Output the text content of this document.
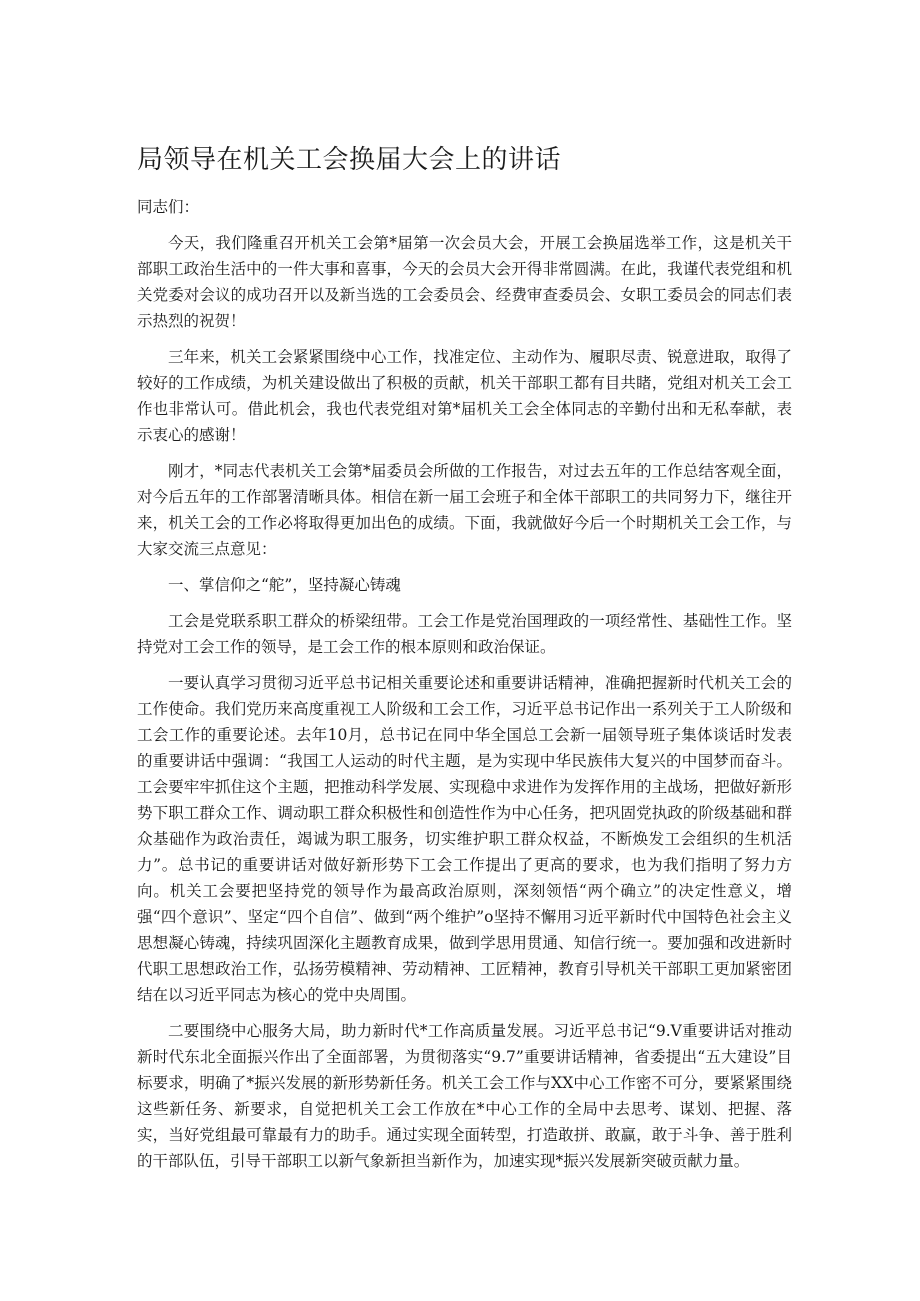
局领导在机关工会换届大会上的讲话

同志们：

今天，我们隆重召开机关工会第*届第一次会员大会，开展工会换届选举工作，这是机关干部职工政治生活中的一件大事和喜事，今天的会员大会开得非常圆满。在此，我谨代表党组和机关党委对会议的成功召开以及新当选的工会委员会、经费审查委员会、女职工委员会的同志们表示热烈的祝贺！

三年来，机关工会紧紧围绕中心工作，找准定位、主动作为、履职尽责、锐意进取，取得了较好的工作成绩，为机关建设做出了积极的贡献，机关干部职工都有目共睹，党组对机关工会工作也非常认可。借此机会，我也代表党组对第*届机关工会全体同志的辛勤付出和无私奉献，表示衷心的感谢！

刚才，*同志代表机关工会第*届委员会所做的工作报告，对过去五年的工作总结客观全面，对今后五年的工作部署清晰具体。相信在新一届工会班子和全体干部职工的共同努力下，继往开来，机关工会的工作必将取得更加出色的成绩。下面，我就做好今后一个时期机关工会工作，与大家交流三点意见：

一、掌信仰之“舵”，坚持凝心铸魂

工会是党联系职工群众的桥梁纽带。工会工作是党治国理政的一项经常性、基础性工作。坚持党对工会工作的领导，是工会工作的根本原则和政治保证。

一要认真学习贯彻习近平总书记相关重要论述和重要讲话精神，准确把握新时代机关工会的工作使命。我们党历来高度重视工人阶级和工会工作，习近平总书记作出一系列关于工人阶级和工会工作的重要论述。去年10月，总书记在同中华全国总工会新一届领导班子集体谈话时发表的重要讲话中强调：“我国工人运动的时代主题，是为实现中华民族伟大复兴的中国梦而奋斗。工会要牢牢抓住这个主题，把推动科学发展、实现稳中求进作为发挥作用的主战场，把做好新形势下职工群众工作、调动职工群众积极性和创造性作为中心任务，把巩固党执政的阶级基础和群众基础作为政治责任，竭诚为职工服务，切实维护职工群众权益，不断焕发工会组织的生机活力”。总书记的重要讲话对做好新形势下工会工作提出了更高的要求，也为我们指明了努力方向。机关工会要把坚持党的领导作为最高政治原则，深刻领悟“两个确立”的决定性意义，增强“四个意识”、坚定“四个自信”、做到“两个维护”o坚持不懈用习近平新时代中国特色社会主义思想凝心铸魂，持续巩固深化主题教育成果，做到学思用贯通、知信行统一。要加强和改进新时代职工思想政治工作，弘扬劳模精神、劳动精神、工匠精神，教育引导机关干部职工更加紧密团结在以习近平同志为核心的党中央周围。

二要围绕中心服务大局，助力新时代*工作高质量发展。习近平总书记“9.V重要讲话对推动新时代东北全面振兴作出了全面部署，为贯彻落实“9.7”重要讲话精神，省委提出“五大建设”目标要求，明确了*振兴发展的新形势新任务。机关工会工作与XX中心工作密不可分，要紧紧围绕这些新任务、新要求，自觉把机关工会工作放在*中心工作的全局中去思考、谋划、把握、落实，当好党组最可靠最有力的助手。通过实现全面转型，打造敢拼、敢赢，敢于斗争、善于胜利的干部队伍，引导干部职工以新气象新担当新作为，加速实现*振兴发展新突破贡献力量。
